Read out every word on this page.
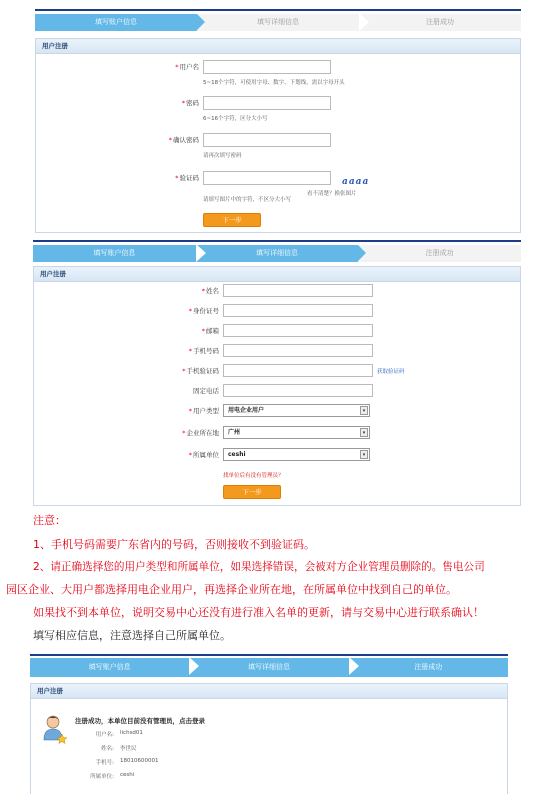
填写账户信息	填写详细信息	注册成功
用户注册
*用户名
5~18个字符，可使用字母、数字、下划线，需以字母开头
*密码
6~16个字符，区分大小写
*确认密码
请再次填写密码
*验证码	aaaa
看不清楚？换张图片
请填写图片中的字符，不区分大小写
下一步
填写账户信息	填写详细信息	注册成功
用户注册
*姓名
*身份证号
*邮箱
*手机号码
*手机验证码	获取验证码
固定电话
*用户类型	用电企业用户	▾
*企业所在地	广州	▾
*所属单位	ceshi	▾
找单位后有没有管理员？
下一步
注意：
1、手机号码需要广东省内的号码，否则接收不到验证码。
2、请正确选择您的用户类型和所属单位，如果选择错误，会被对方企业管理员删除的。售电公司
园区企业、大用户都选择用电企业用户，再选择企业所在地，在所属单位中找到自己的单位。
如果找不到本单位，说明交易中心还没有进行准入名单的更新，请与交易中心进行联系确认！
填写相应信息，注意选择自己所属单位。
填写账户信息	填写详细信息	注册成功
用户注册
注册成功，本单位目前没有管理员，点击登录
用户名: lichsd01
姓名: 李世民
手机号: 18010600001
所属单位: ceshi
